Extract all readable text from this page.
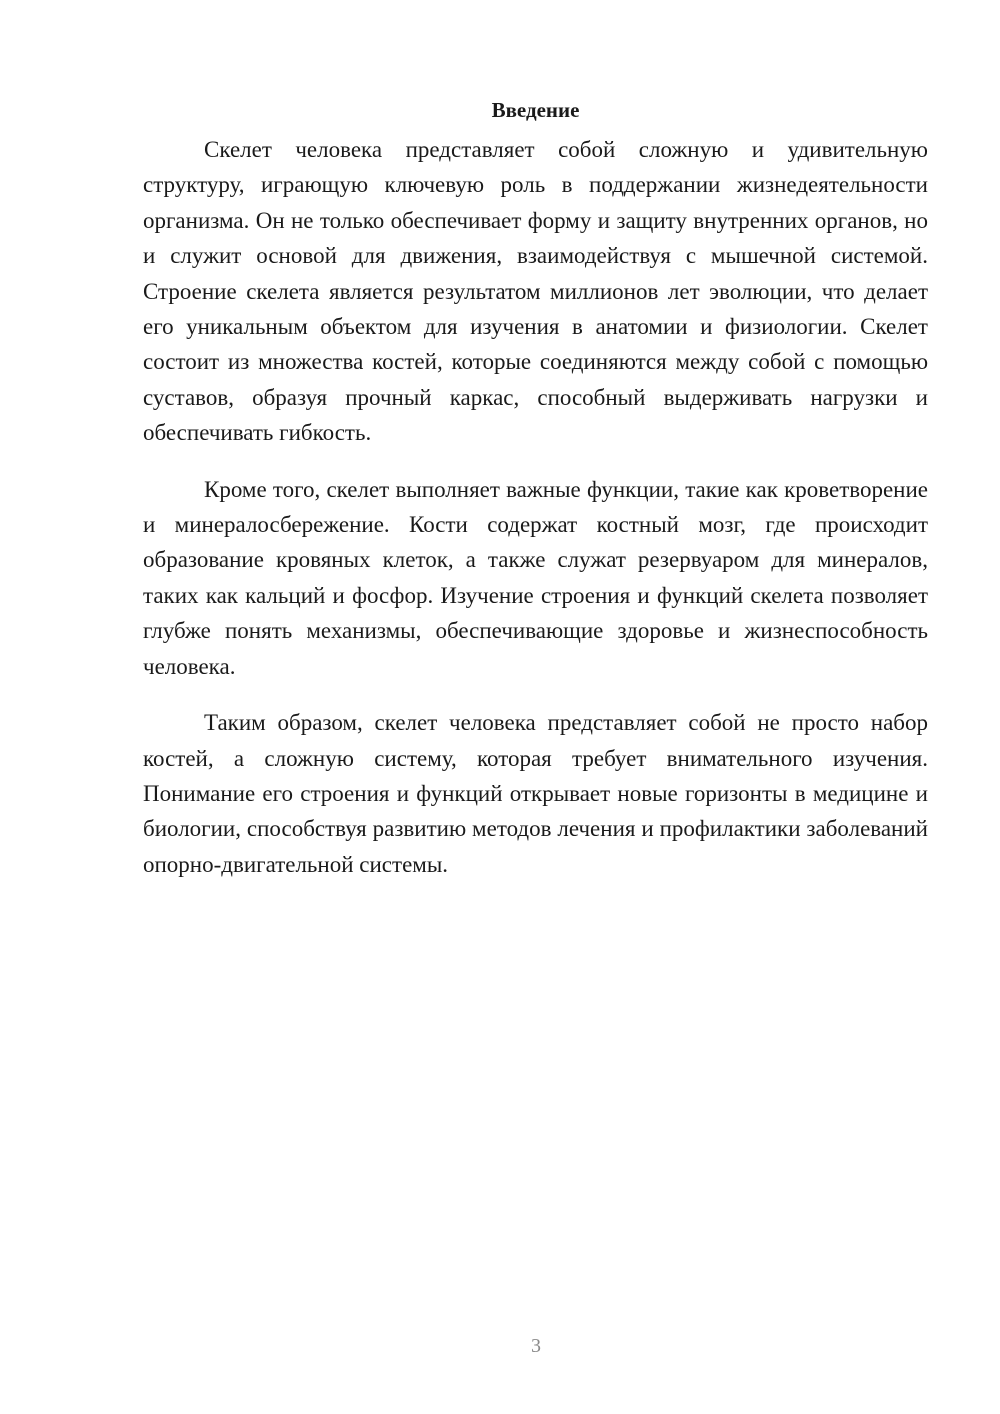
Введение

Скелет человека представляет собой сложную и удивительную структуру, играющую ключевую роль в поддержании жизнедеятельности организма. Он не только обеспечивает форму и защиту внутренних органов, но и служит основой для движения, взаимодействуя с мышечной системой. Строение скелета является результатом миллионов лет эволюции, что делает его уникальным объектом для изучения в анатомии и физиологии. Скелет состоит из множества костей, которые соединяются между собой с помощью суставов, образуя прочный каркас, способный выдерживать нагрузки и обеспечивать гибкость.

Кроме того, скелет выполняет важные функции, такие как кроветворение и минералосбережение. Кости содержат костный мозг, где происходит образование кровяных клеток, а также служат резервуаром для минералов, таких как кальций и фосфор. Изучение строения и функций скелета позволяет глубже понять механизмы, обеспечивающие здоровье и жизнеспособность человека.

Таким образом, скелет человека представляет собой не просто набор костей, а сложную систему, которая требует внимательного изучения. Понимание его строения и функций открывает новые горизонты в медицине и биологии, способствуя развитию методов лечения и профилактики заболеваний опорно-двигательной системы.

3
